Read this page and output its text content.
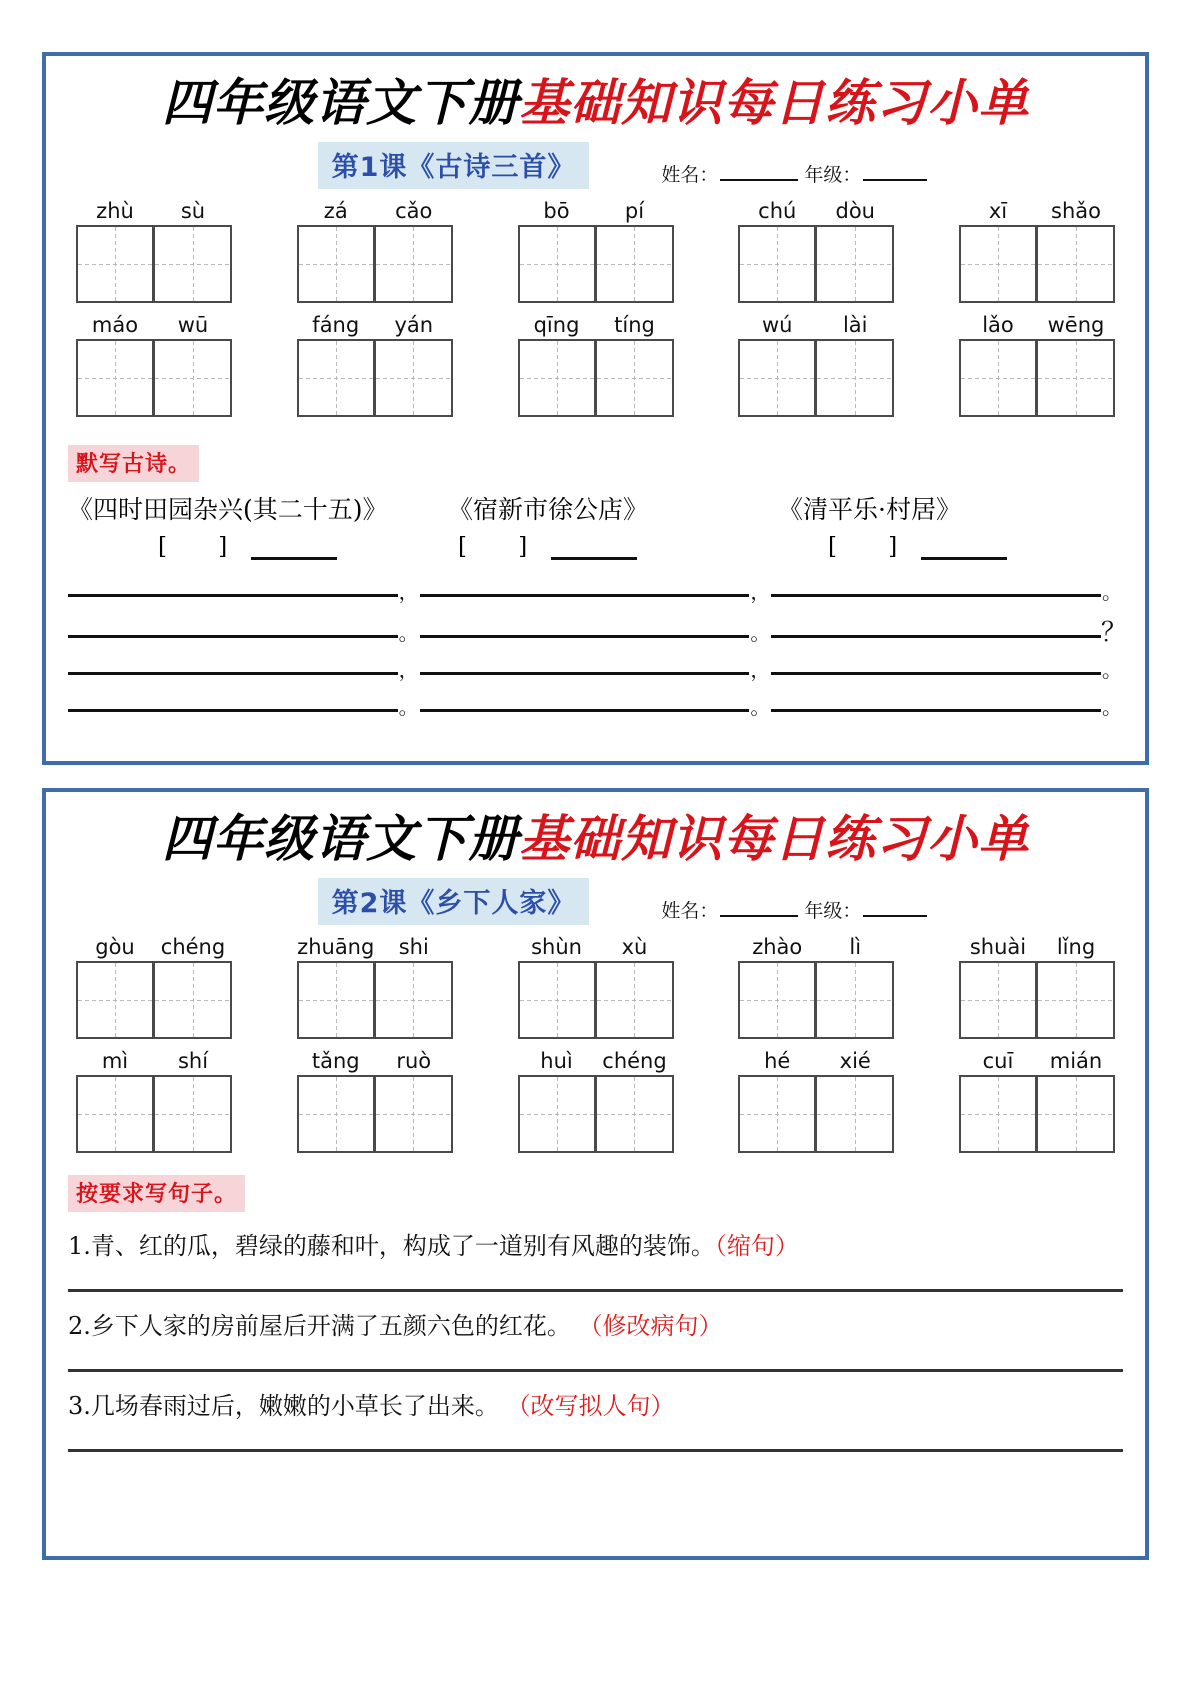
四年级语文下册基础知识每日练习小单
第1课《古诗三首》	姓名：	年级：
zhù	sù	zá	cǎo	bō	pí	chú	dòu	xī	shǎo
máo	wū	fáng	yán	qīng	tíng	wú	lài	lǎo	wēng
默写古诗。
《四时田园杂兴(其二十五)》	《宿新市徐公店》	《清平乐·村居》
[ ]	[ ]	[ ]
，	，	。
。	。	？
，	，	。
。	。	。
四年级语文下册基础知识每日练习小单
第2课《乡下人家》	姓名：	年级：
gòu	chéng	zhuāng	shi	shùn	xù	zhào	lì	shuài	lǐng
mì	shí	tǎng	ruò	huì	chéng	hé	xié	cuī	mián
按要求写句子。
1.青、红的瓜，碧绿的藤和叶，构成了一道别有风趣的装饰。（缩句）
2.乡下人家的房前屋后开满了五颜六色的红花。 （修改病句）
3.几场春雨过后，嫩嫩的小草长了出来。 （改写拟人句）
